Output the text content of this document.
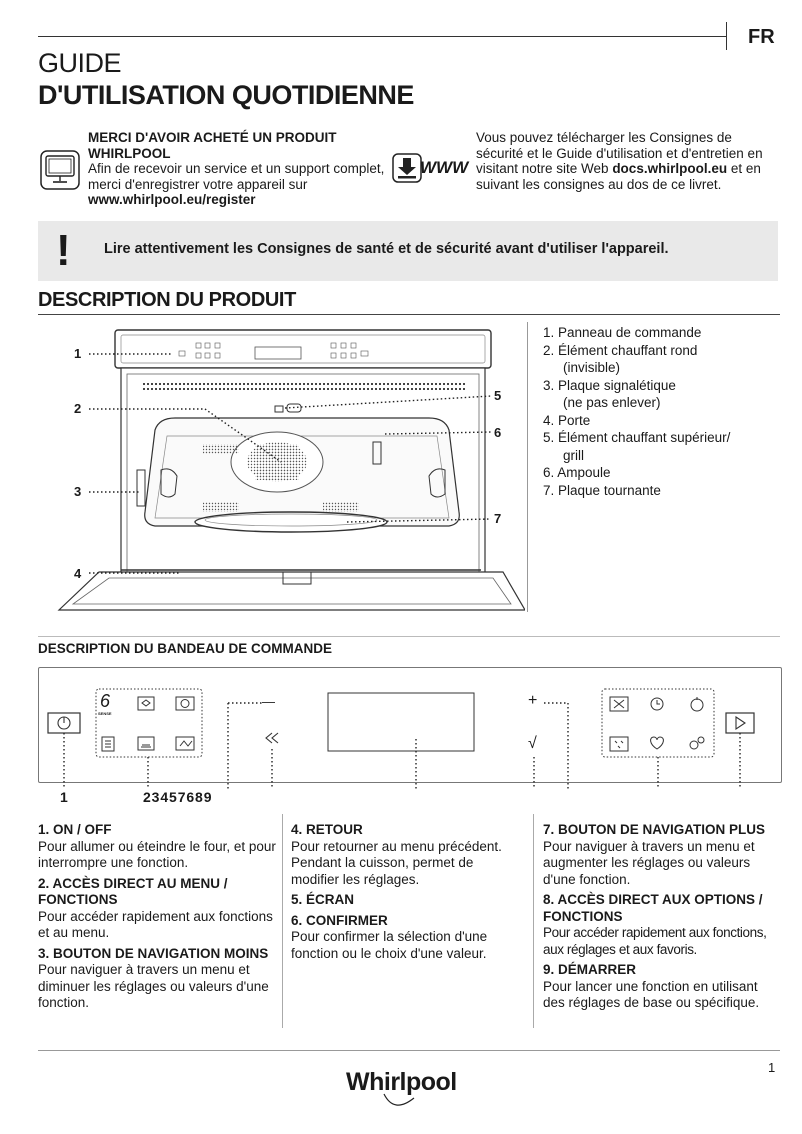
FR
GUIDE
D'UTILISATION QUOTIDIENNE
MERCI D'AVOIR ACHETÉ UN PRODUIT WHIRLPOOL
Afin de recevoir un service et un support complet, merci d'enregistrer votre appareil sur www.whirlpool.eu/register
WWW
Vous pouvez télécharger les Consignes de sécurité et le Guide d'utilisation et d'entretien en visitant notre site Web docs.whirlpool.eu et en suivant les consignes au dos de ce livret.
! Lire attentivement les Consignes de santé et de sécurité avant d'utiliser l'appareil.
DESCRIPTION DU PRODUIT
1
2
3
4
5
6
7
1. Panneau de commande
2. Élément chauffant rond
(invisible)
3. Plaque signalétique
(ne pas enlever)
4. Porte
5. Élément chauffant supérieur/
grill
6. Ampoule
7. Plaque tournante
DESCRIPTION DU BANDEAU DE COMMANDE
6
SENSE
—	+
√
1	2 3 4 5 7 6 8 9
1. ON / OFF

Pour allumer ou éteindre le four, et pour interrompre une fonction.

2. ACCÈS DIRECT AU MENU / FONCTIONS

Pour accéder rapidement aux fonctions et au menu.

3. BOUTON DE NAVIGATION MOINS

Pour naviguer à travers un menu et diminuer les réglages ou valeurs d'une fonction.

4. RETOUR

Pour retourner au menu précédent.

Pendant la cuisson, permet de modifier les réglages.

5. ÉCRAN
6. CONFIRMER

Pour confirmer la sélection d'une fonction ou le choix d'une valeur.

7. BOUTON DE NAVIGATION PLUS

Pour naviguer à travers un menu et augmenter les réglages ou valeurs d'une fonction.

8. ACCÈS DIRECT AUX OPTIONS / FONCTIONS

Pour accéder rapidement aux fonctions, aux réglages et aux favoris.

9. DÉMARRER

Pour lancer une fonction en utilisant des réglages de base ou spécifique.

1
Whirlpool
